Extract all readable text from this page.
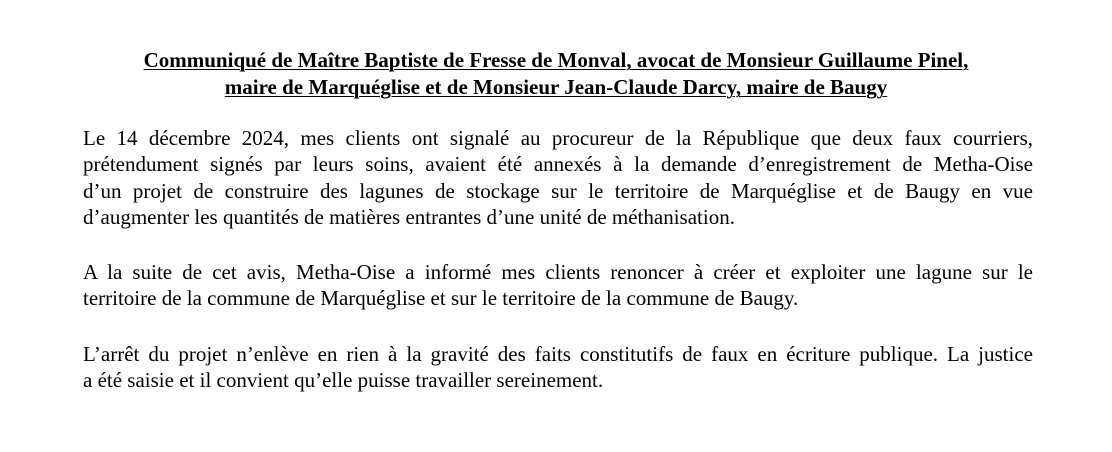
Communiqué de Maître Baptiste de Fresse de Monval, avocat de Monsieur Guillaume Pinel,
maire de Marquéglise et de Monsieur Jean-Claude Darcy, maire de Baugy
Le 14 décembre 2024, mes clients ont signalé au procureur de la République que deux faux courriers,
prétendument signés par leurs soins, avaient été annexés à la demande d’enregistrement de Metha-Oise
d’un projet de construire des lagunes de stockage sur le territoire de Marquéglise et de Baugy en vue
d’augmenter les quantités de matières entrantes d’une unité de méthanisation.
A la suite de cet avis, Metha-Oise a informé mes clients renoncer à créer et exploiter une lagune sur le
territoire de la commune de Marquéglise et sur le territoire de la commune de Baugy.
L’arrêt du projet n’enlève en rien à la gravité des faits constitutifs de faux en écriture publique. La justice
a été saisie et il convient qu’elle puisse travailler sereinement.
